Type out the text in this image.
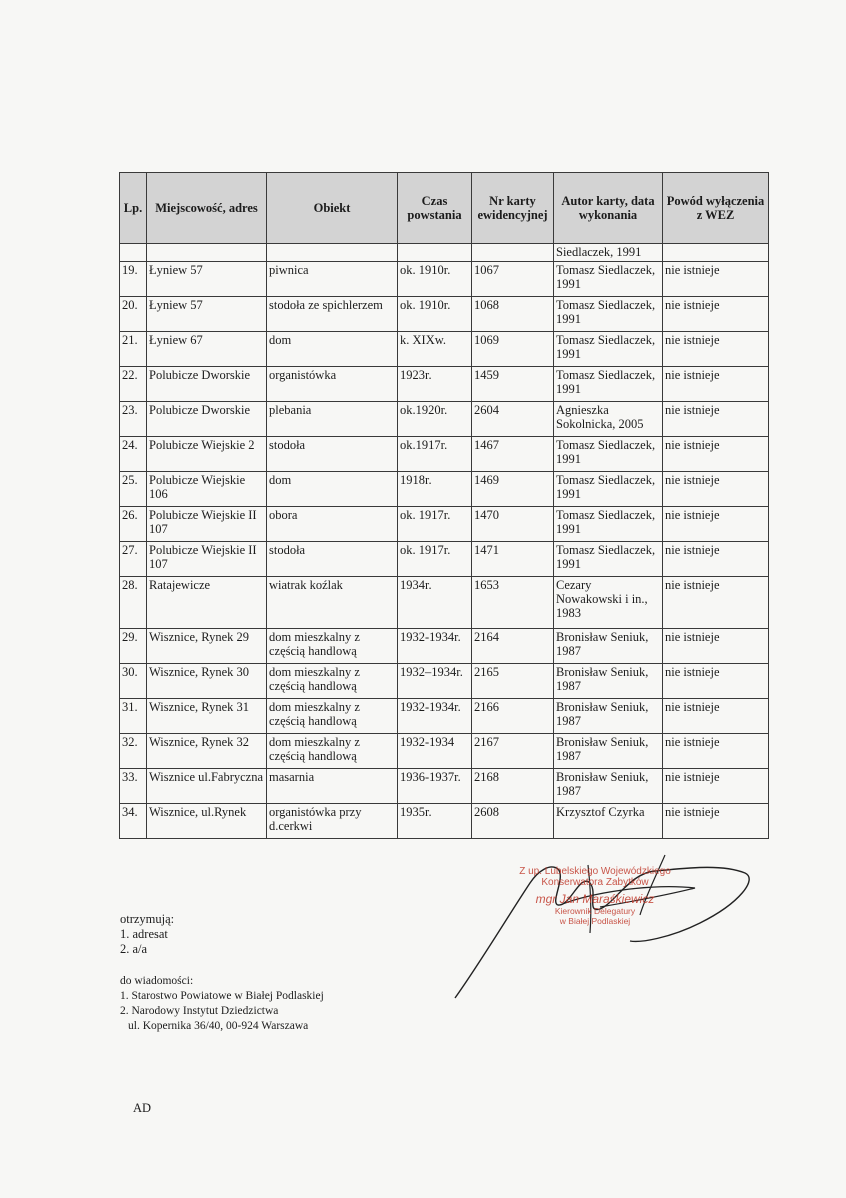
Lp.	Miejscowość, adres	Obiekt	Czas powstania	Nr karty ewidencyjnej	Autor karty, data wykonania	Powód wyłączenia z WEZ
					Siedlaczek, 1991	
19.	Łyniew 57	piwnica	ok. 1910r.	1067	Tomasz Siedlaczek, 1991	nie istnieje
20.	Łyniew 57	stodoła ze spichlerzem	ok. 1910r.	1068	Tomasz Siedlaczek, 1991	nie istnieje
21.	Łyniew 67	dom	k. XIXw.	1069	Tomasz Siedlaczek, 1991	nie istnieje
22.	Polubicze Dworskie	organistówka	1923r.	1459	Tomasz Siedlaczek, 1991	nie istnieje
23.	Polubicze Dworskie	plebania	ok.1920r.	2604	Agnieszka Sokolnicka, 2005	nie istnieje
24.	Polubicze Wiejskie 2	stodoła	ok.1917r.	1467	Tomasz Siedlaczek, 1991	nie istnieje
25.	Polubicze Wiejskie 106	dom	1918r.	1469	Tomasz Siedlaczek, 1991	nie istnieje
26.	Polubicze Wiejskie II 107	obora	ok. 1917r.	1470	Tomasz Siedlaczek, 1991	nie istnieje
27.	Polubicze Wiejskie II 107	stodoła	ok. 1917r.	1471	Tomasz Siedlaczek, 1991	nie istnieje
28.	Ratajewicze	wiatrak koźlak	1934r.	1653	Cezary Nowakowski i in., 1983	nie istnieje
29.	Wisznice, Rynek 29	dom mieszkalny z częścią handlową	1932-1934r.	2164	Bronisław Seniuk, 1987	nie istnieje
30.	Wisznice, Rynek 30	dom mieszkalny z częścią handlową	1932–1934r.	2165	Bronisław Seniuk, 1987	nie istnieje
31.	Wisznice, Rynek 31	dom mieszkalny z częścią handlową	1932-1934r.	2166	Bronisław Seniuk, 1987	nie istnieje
32.	Wisznice, Rynek 32	dom mieszkalny z częścią handlową	1932-1934	2167	Bronisław Seniuk, 1987	nie istnieje
33.	Wisznice ul.Fabryczna	masarnia	1936-1937r.	2168	Bronisław Seniuk, 1987	nie istnieje
34.	Wisznice, ul.Rynek	organistówka przy d.cerkwi	1935r.	2608	Krzysztof Czyrka	nie istnieje
Z up. Lubelskiego Wojewódzkiego
Konserwatora Zabytków
mgr Jan Marаśkiewicz
Kierownik Delegatury
w Białej Podlaskiej
otrzymują:
1. adresat
2. a/a
do wiadomości:
1. Starostwo Powiatowe w Białej Podlaskiej
2. Narodowy Instytut Dziedzictwa
ul. Kopernika 36/40, 00-924 Warszawa
AD
